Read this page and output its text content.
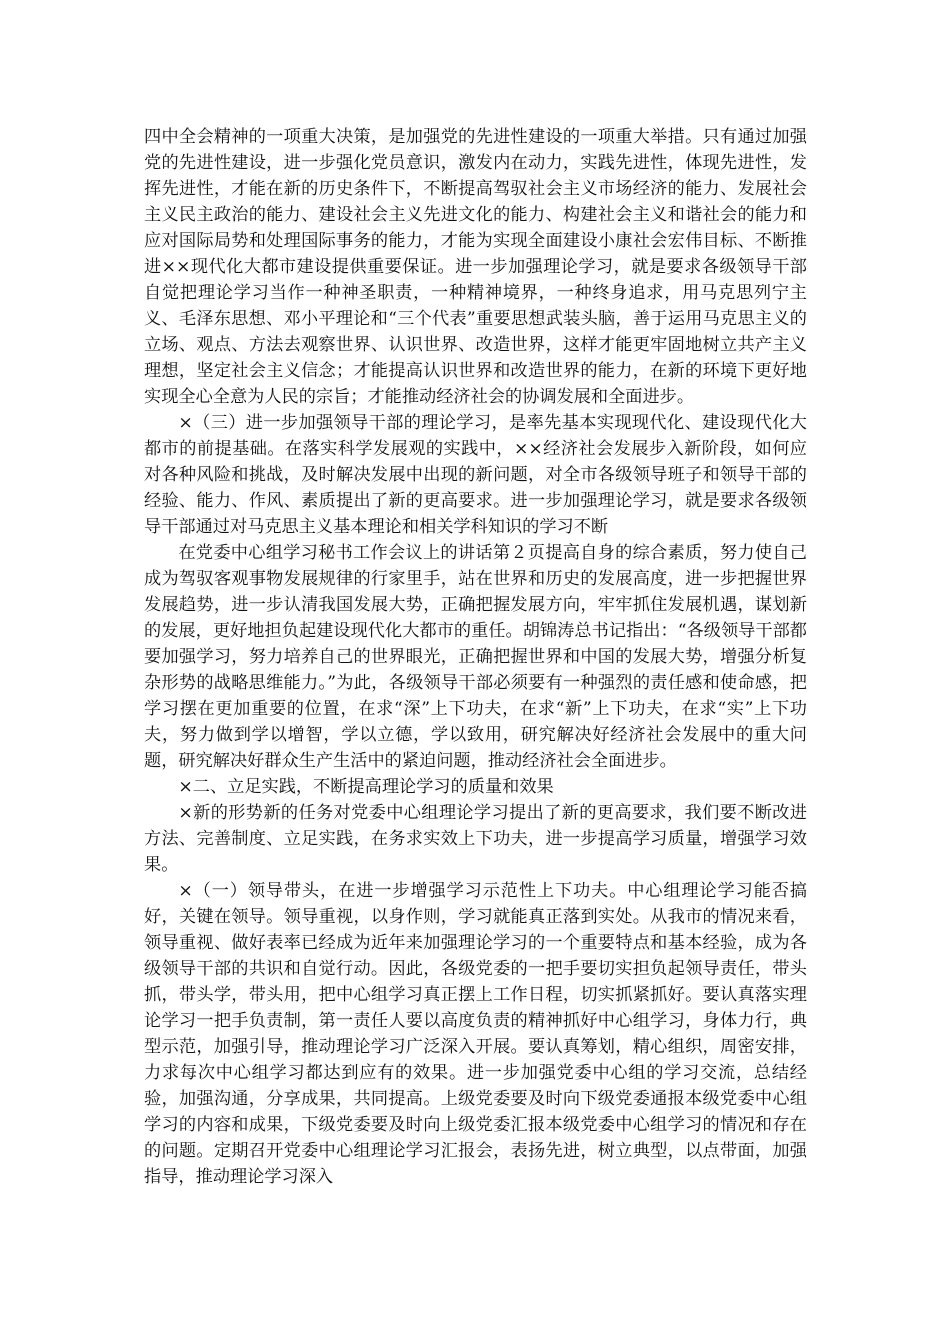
四中全会精神的一项重大决策，是加强党的先进性建设的一项重大举措。只有通过加强党的先进性建设，进一步强化党员意识，激发内在动力，实践先进性，体现先进性，发挥先进性，才能在新的历史条件下，不断提高驾驭社会主义市场经济的能力、发展社会主义民主政治的能力、建设社会主义先进文化的能力、构建社会主义和谐社会的能力和应对国际局势和处理国际事务的能力，才能为实现全面建设小康社会宏伟目标、不断推进××现代化大都市建设提供重要保证。进一步加强理论学习，就是要求各级领导干部自觉把理论学习当作一种神圣职责，一种精神境界，一种终身追求，用马克思列宁主义、毛泽东思想、邓小平理论和“三个代表”重要思想武装头脑，善于运用马克思主义的立场、观点、方法去观察世界、认识世界、改造世界，这样才能更牢固地树立共产主义理想，坚定社会主义信念；才能提高认识世界和改造世界的能力，在新的环境下更好地实现全心全意为人民的宗旨；才能推动经济社会的协调发展和全面进步。

×（三）进一步加强领导干部的理论学习，是率先基本实现现代化、建设现代化大都市的前提基础。在落实科学发展观的实践中，××经济社会发展步入新阶段，如何应对各种风险和挑战，及时解决发展中出现的新问题，对全市各级领导班子和领导干部的经验、能力、作风、素质提出了新的更高要求。进一步加强理论学习，就是要求各级领导干部通过对马克思主义基本理论和相关学科知识的学习不断

在党委中心组学习秘书工作会议上的讲话第２页提高自身的综合素质，努力使自己成为驾驭客观事物发展规律的行家里手，站在世界和历史的发展高度，进一步把握世界发展趋势，进一步认清我国发展大势，正确把握发展方向，牢牢抓住发展机遇，谋划新的发展，更好地担负起建设现代化大都市的重任。胡锦涛总书记指出：“各级领导干部都要加强学习，努力培养自己的世界眼光，正确把握世界和中国的发展大势，增强分析复杂形势的战略思维能力。”为此，各级领导干部必须要有一种强烈的责任感和使命感，把学习摆在更加重要的位置，在求“深”上下功夫，在求“新”上下功夫，在求“实”上下功夫，努力做到学以增智，学以立德，学以致用，研究解决好经济社会发展中的重大问题，研究解决好群众生产生活中的紧迫问题，推动经济社会全面进步。

×二、立足实践，不断提高理论学习的质量和效果

×新的形势新的任务对党委中心组理论学习提出了新的更高要求，我们要不断改进方法、完善制度、立足实践，在务求实效上下功夫，进一步提高学习质量，增强学习效果。

×（一）领导带头，在进一步增强学习示范性上下功夫。中心组理论学习能否搞好，关键在领导。领导重视，以身作则，学习就能真正落到实处。从我市的情况来看，领导重视、做好表率已经成为近年来加强理论学习的一个重要特点和基本经验，成为各级领导干部的共识和自觉行动。因此，各级党委的一把手要切实担负起领导责任，带头抓，带头学，带头用，把中心组学习真正摆上工作日程，切实抓紧抓好。要认真落实理论学习一把手负责制，第一责任人要以高度负责的精神抓好中心组学习，身体力行，典型示范，加强引导，推动理论学习广泛深入开展。要认真筹划，精心组织，周密安排，力求每次中心组学习都达到应有的效果。进一步加强党委中心组的学习交流，总结经验，加强沟通，分享成果，共同提高。上级党委要及时向下级党委通报本级党委中心组学习的内容和成果，下级党委要及时向上级党委汇报本级党委中心组学习的情况和存在的问题。定期召开党委中心组理论学习汇报会，表扬先进，树立典型，以点带面，加强指导，推动理论学习深入
